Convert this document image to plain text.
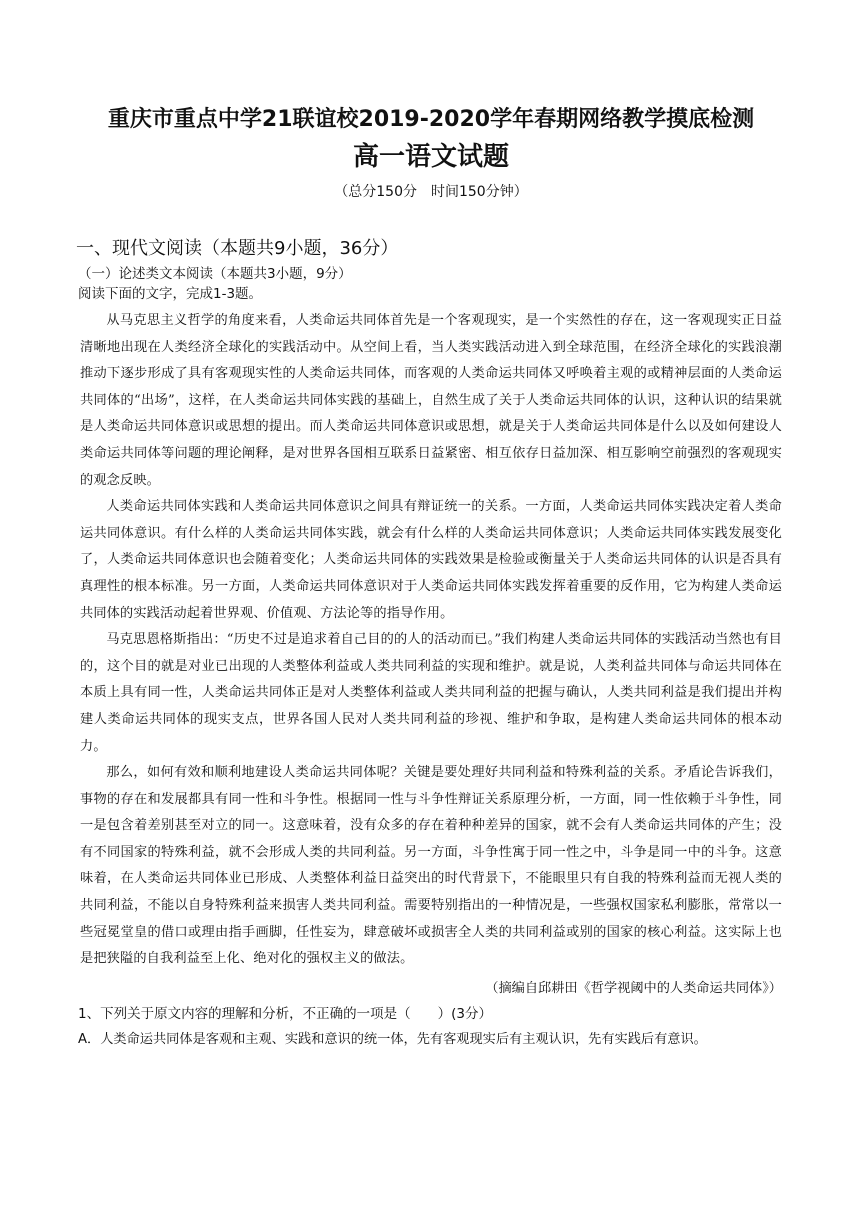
重庆市重点中学21联谊校2019-2020学年春期网络教学摸底检测
高一语文试题
（总分150分　时间150分钟）
一、现代文阅读（本题共9小题，36分）
（一）论述类文本阅读（本题共3小题，9分）
阅读下面的文字，完成1-3题。

从马克思主义哲学的角度来看，人类命运共同体首先是一个客观现实，是一个实然性的存在，这一客观现实正日益清晰地出现在人类经济全球化的实践活动中。从空间上看，当人类实践活动进入到全球范围，在经济全球化的实践浪潮推动下逐步形成了具有客观现实性的人类命运共同体，而客观的人类命运共同体又呼唤着主观的或精神层面的人类命运共同体的“出场”，这样，在人类命运共同体实践的基础上，自然生成了关于人类命运共同体的认识，这种认识的结果就是人类命运共同体意识或思想的提出。而人类命运共同体意识或思想，就是关于人类命运共同体是什么以及如何建设人类命运共同体等问题的理论阐释，是对世界各国相互联系日益紧密、相互依存日益加深、相互影响空前强烈的客观现实的观念反映。

人类命运共同体实践和人类命运共同体意识之间具有辩证统一的关系。一方面，人类命运共同体实践决定着人类命运共同体意识。有什么样的人类命运共同体实践，就会有什么样的人类命运共同体意识；人类命运共同体实践发展变化了，人类命运共同体意识也会随着变化；人类命运共同体的实践效果是检验或衡量关于人类命运共同体的认识是否具有真理性的根本标准。另一方面，人类命运共同体意识对于人类命运共同体实践发挥着重要的反作用，它为构建人类命运共同体的实践活动起着世界观、价值观、方法论等的指导作用。

马克思恩格斯指出：“历史不过是追求着自己目的的人的活动而已。”我们构建人类命运共同体的实践活动当然也有目的，这个目的就是对业已出现的人类整体利益或人类共同利益的实现和维护。就是说，人类利益共同体与命运共同体在本质上具有同一性，人类命运共同体正是对人类整体利益或人类共同利益的把握与确认，人类共同利益是我们提出并构建人类命运共同体的现实支点，世界各国人民对人类共同利益的珍视、维护和争取，是构建人类命运共同体的根本动力。

那么，如何有效和顺利地建设人类命运共同体呢？关键是要处理好共同利益和特殊利益的关系。矛盾论告诉我们，事物的存在和发展都具有同一性和斗争性。根据同一性与斗争性辩证关系原理分析，一方面，同一性依赖于斗争性，同一是包含着差别甚至对立的同一。这意味着，没有众多的存在着种种差异的国家，就不会有人类命运共同体的产生；没有不同国家的特殊利益，就不会形成人类的共同利益。另一方面，斗争性寓于同一性之中，斗争是同一中的斗争。这意味着，在人类命运共同体业已形成、人类整体利益日益突出的时代背景下，不能眼里只有自我的特殊利益而无视人类的共同利益，不能以自身特殊利益来损害人类共同利益。需要特别指出的一种情况是，一些强权国家私利膨胀，常常以一些冠冕堂皇的借口或理由指手画脚，任性妄为，肆意破坏或损害全人类的共同利益或别的国家的核心利益。这实际上也是把狭隘的自我利益至上化、绝对化的强权主义的做法。

（摘编自邱耕田《哲学视阈中的人类命运共同体》）
1、下列关于原文内容的理解和分析，不正确的一项是（　　）(3分）
A．人类命运共同体是客观和主观、实践和意识的统一体，先有客观现实后有主观认识，先有实践后有意识。
